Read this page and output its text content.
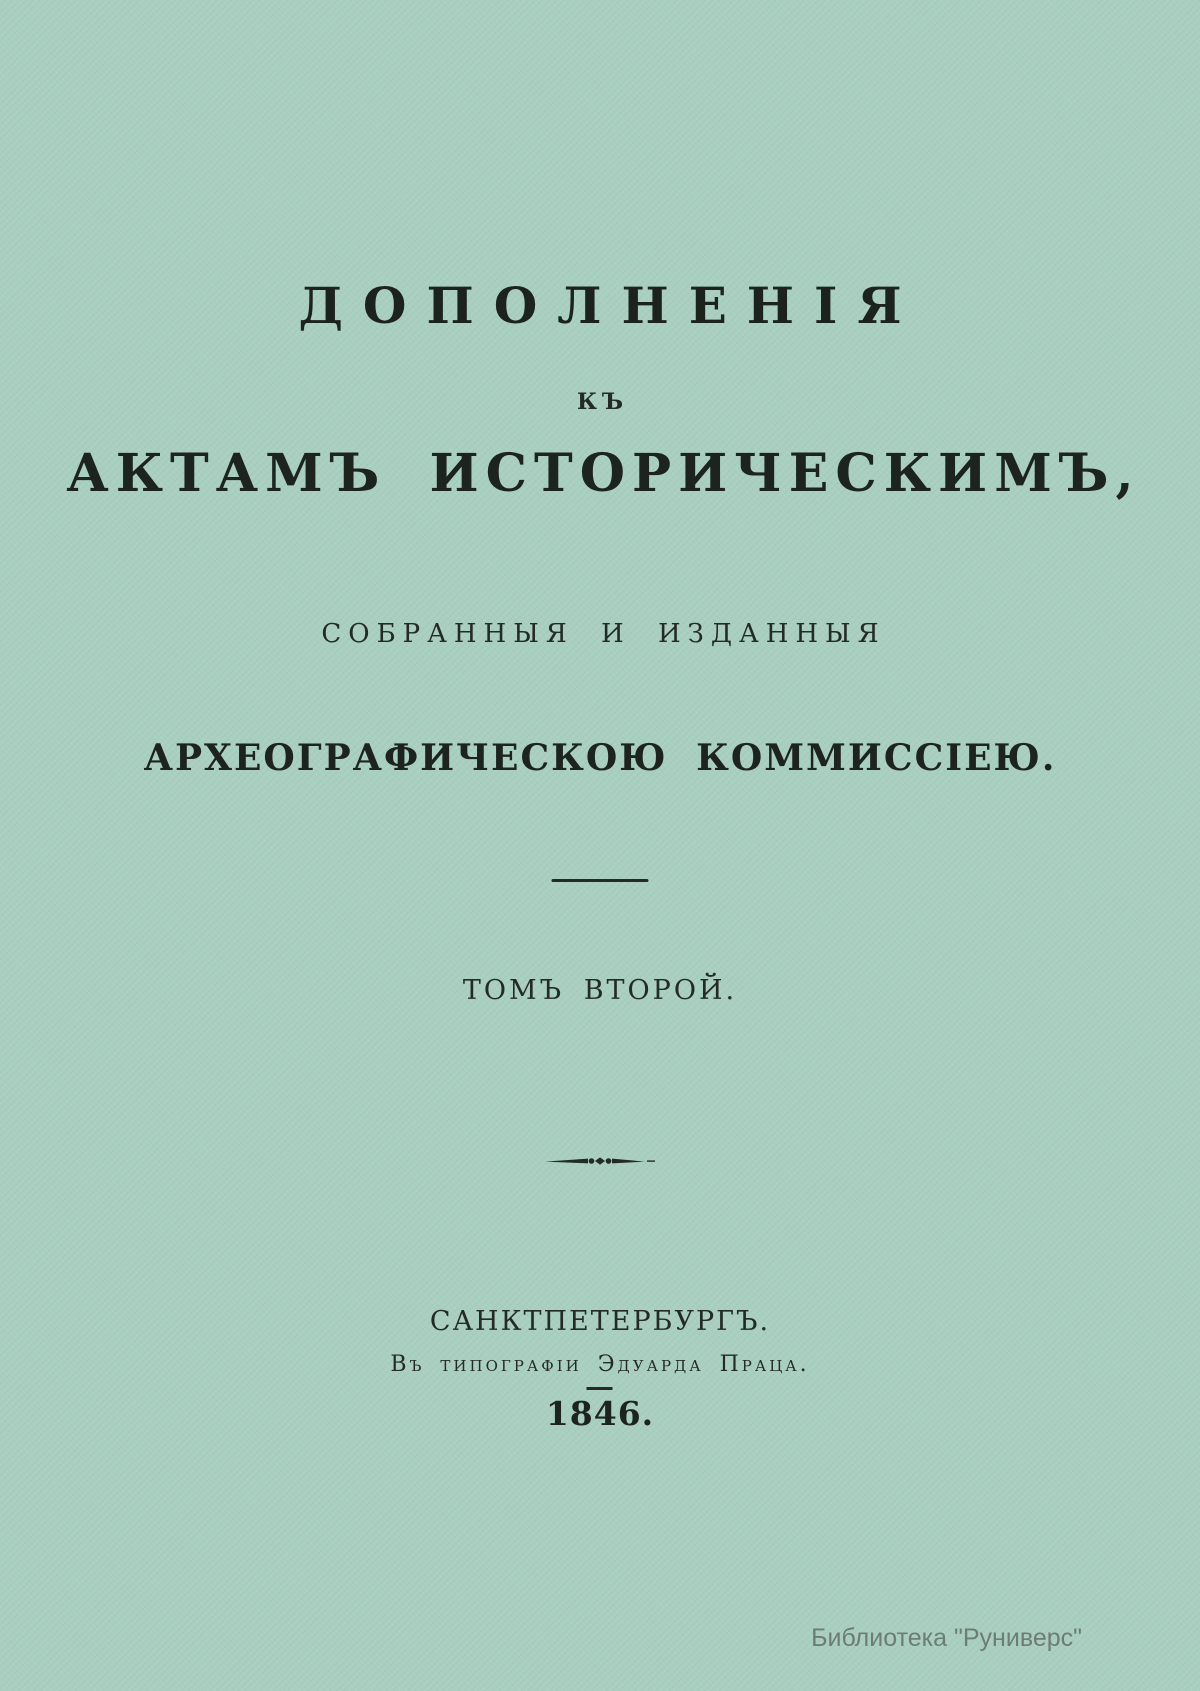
ДОПОЛНЕНІЯ
КЪ
АКТАМЪ ИСТОРИЧЕСКИМЪ,
СОБРАННЫЯ И ИЗДАННЫЯ
АРХЕОГРАФИЧЕСКОЮ КОММИССІЕЮ.
ТОМЪ ВТОРОЙ.
САНКТПЕТЕРБУРГЪ.
Въ типографіи Эдуарда Праца.
1846.
Библиотека "Руниверс"
